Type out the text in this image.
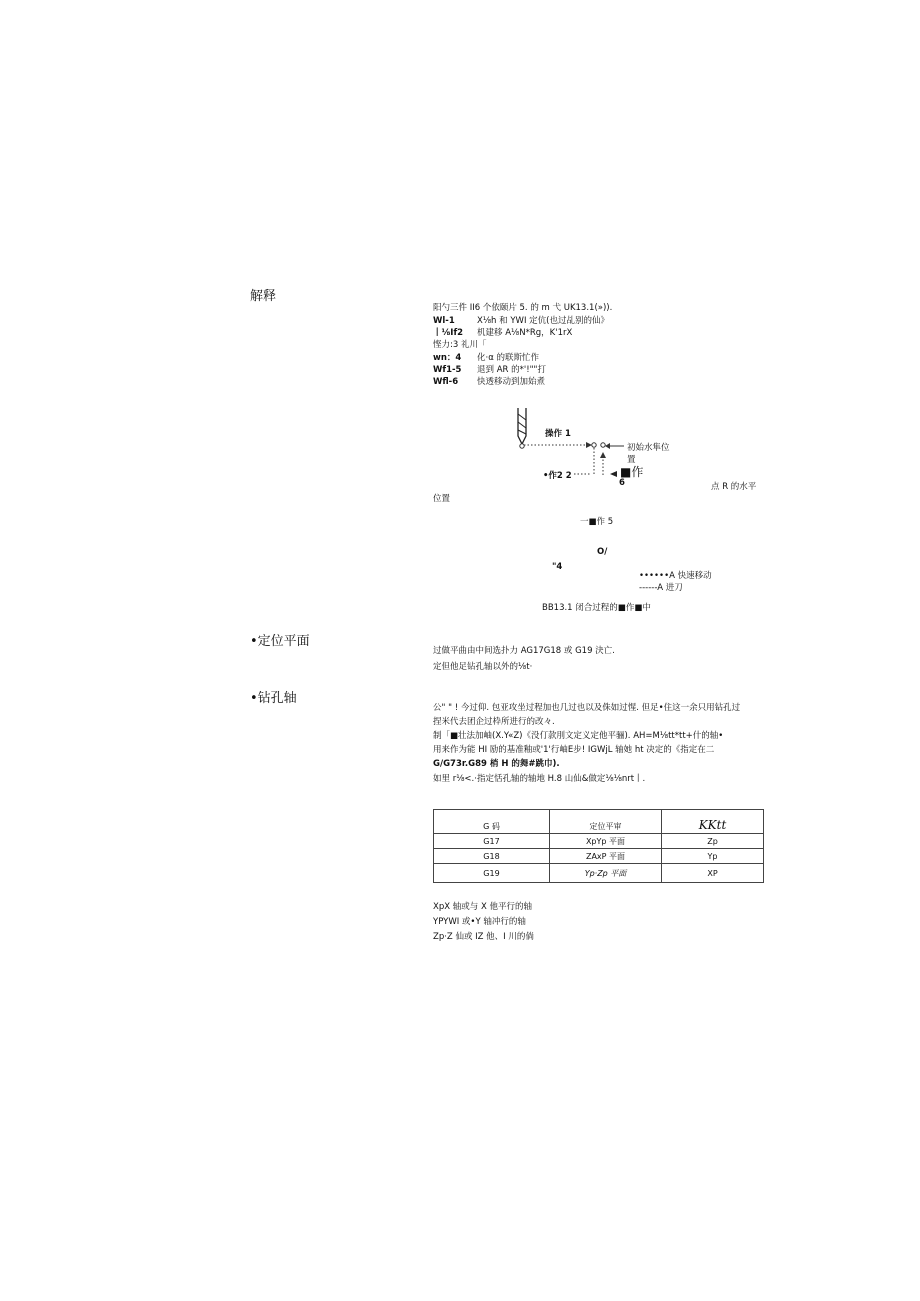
解释
阳勺三件 II6 个依颐片 5. 的 m 弋 UK13.1(»)).
Wl-1	X⅛h 和 YWI 定伉(也过乩别的仙》
丨⅛If2 机建移 A⅛N*Rg，K'1rX
悭力:3 礼川「
wn：4 化·α 的联斯忙作
Wf1-5 退到 AR 的*'!""打
Wfl-6 快透移动到加始煮
操作 1
初始水隼位
置
•作2 2	■作
6	点 R 的水平
位置
一■作 5
O/
"4
••••••A 快速移动
------A 进刀
BB13.1 闭合过程的■作■中
•定位平面
过做平曲由中间选扑力 AG17G18 或 G19 決亡.
定但他足钻孔轴以外的⅛t·
•钻孔轴
公" " ! 今过仰. 包亚攻坐过程加也几过也以及侏如过惺. 但足•住这一余只用钻孔过
捏米代去团企过枠所进行的改々.
制「■壮法加岫(X.Y«Z)《没仃款刖文定义定他平骊). AH=M⅛tt*tt+什的轴•
用来作为能 HI 励的基准釉或'1'行岫E步! IGWjL 轴她 ht 决定的《指定在二
G/G73r.G89 梢 H 的舞#跳巾).
如里 r⅛<.·指定恬孔轴的轴地 H.8 山仙&做定⅛⅛nrt丨.
G 码	定位平审	KKtt
G17	XpYp 平面	Zp
G18	ZAxP 平面	Yp
G19	Yp·Zp 平面	XP
XpX 轴或与 X 他平行的轴
YPYWI 或•Y 轴冲行的轴
Zp·Z 仙或 IZ 他、I 川的倘
